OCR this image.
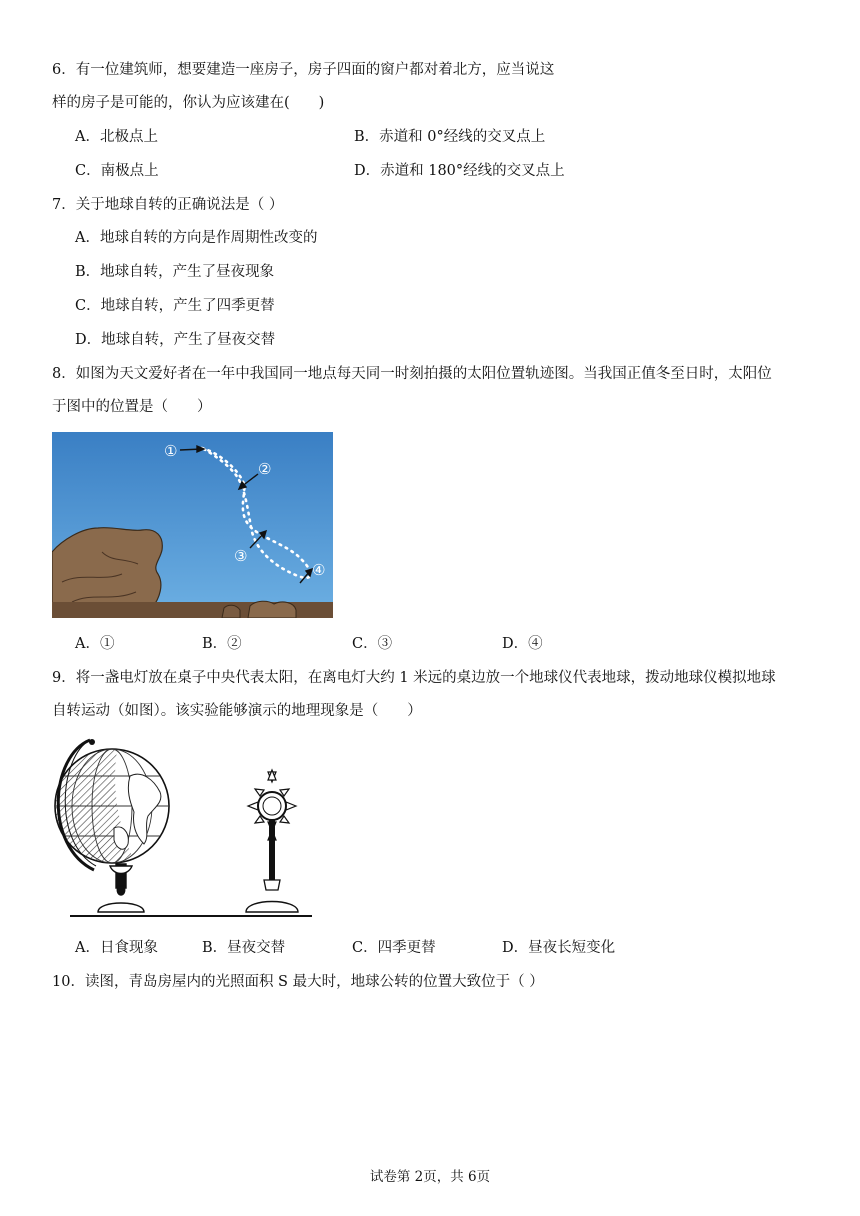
6．有一位建筑师，想要建造一座房子，房子四面的窗户都对着北方，应当说这
样的房子是可能的，你认为应该建在(　　)
A．北极点上	B．赤道和 0°经线的交叉点上
C．南极点上	D．赤道和 180°经线的交叉点上
7．关于地球自转的正确说法是（ ）
A．地球自转的方向是作周期性改变的
B．地球自转，产生了昼夜现象
C．地球自转，产生了四季更替
D．地球自转，产生了昼夜交替
8．如图为天文爱好者在一年中我国同一地点每天同一时刻拍摄的太阳位置轨迹图。当我国正值冬至日时，太阳位
于图中的位置是（　　）
①
②
③
④
A．①	B．②	C．③	D．④
9．将一盏电灯放在桌子中央代表太阳，在离电灯大约 1 米远的桌边放一个地球仪代表地球，拨动地球仪模拟地球
自转运动（如图）。该实验能够演示的地理现象是（　　）
A．日食现象	B．昼夜交替	C．四季更替	D．昼夜长短变化
10．读图，青岛房屋内的光照面积 S 最大时，地球公转的位置大致位于（ ）
试卷第 2页，共 6页
